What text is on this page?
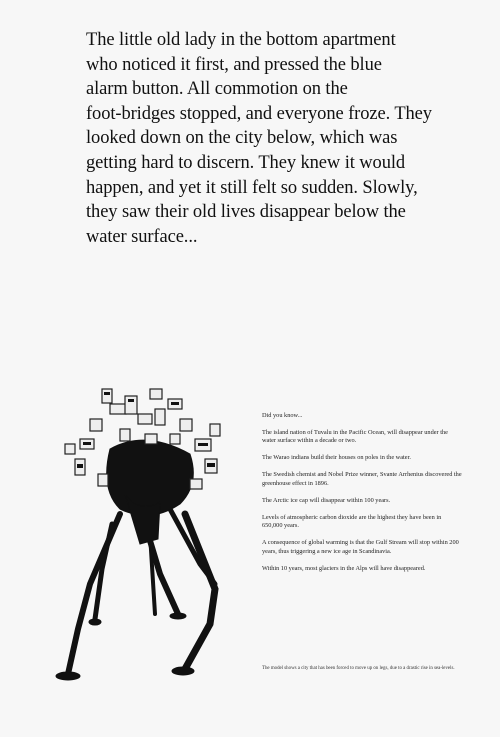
The little old lady in the bottom apartment
who noticed it first, and pressed the blue
alarm button. All commotion on the
foot-bridges stopped, and everyone froze. They
looked down on the city below, which was
getting hard to discern. They knew it would
happen, and yet it still felt so sudden. Slowly,
they saw their old lives disappear below the
water surface...

Did you know...

The island nation of Tuvalu in the Pacific Ocean, will disappear under the water surface within a decade or two.

The Warao indians build their houses on poles in the water.

The Swedish chemist and Nobel Prize winner, Svante Arrhenius discovered the greenhouse effect in 1896.

The Arctic ice cap will disappear within 100 years.

Levels of atmospheric carbon dioxide are the highest they have been in 650,000 years.

A consequence of global warming is that the Gulf Stream will stop within 200 years, thus triggering a new ice age in Scandinavia.

Within 10 years, most glaciers in the Alps will have disappeared.

The model shows a city that has been forced to move up on legs, due to a drastic rise in sea-levels.
